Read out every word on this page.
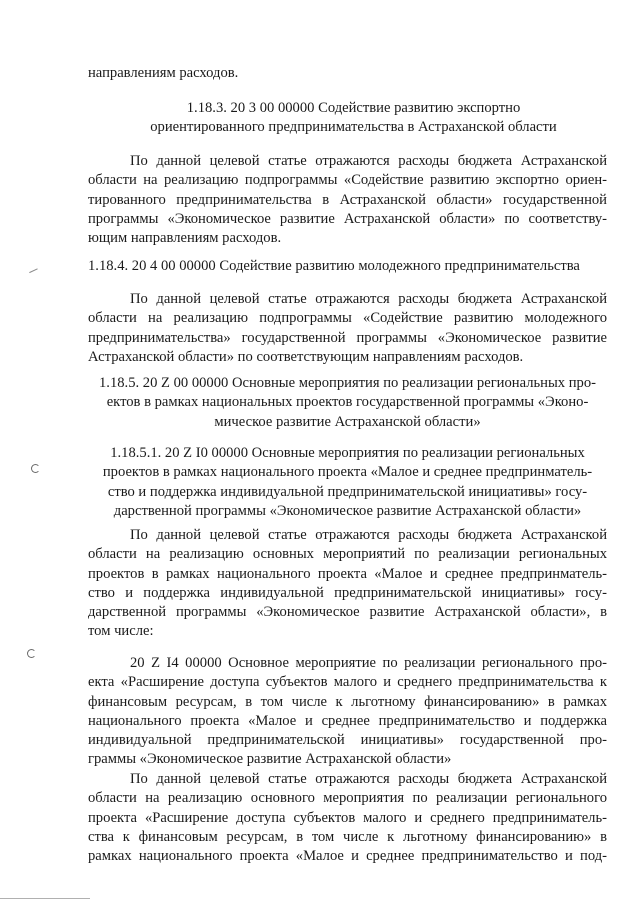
направлениям расходов.

1.18.3. 20 3 00 00000 Содействие развитию экспортно
ориентированного предпринимательства в Астраханской области

По данной целевой статье отражаются расходы бюджета Астраханской
области на реализацию подпрограммы «Содействие развитию экспортно ориен-
тированного предпринимательства в Астраханской области» государственной
программы «Экономическое развитие Астраханской области» по соответству-
ющим направлениям расходов.

1.18.4. 20 4 00 00000 Содействие развитию молодежного предпринимательства

По данной целевой статье отражаются расходы бюджета Астраханской
области на реализацию подпрограммы «Содействие развитию молодежного
предпринимательства» государственной программы «Экономическое развитие
Астраханской области» по соответствующим направлениям расходов.

1.18.5. 20 Z 00 00000 Основные мероприятия по реализации региональных про-
ектов в рамках национальных проектов государственной программы «Эконо-
мическое развитие Астраханской области»

1.18.5.1. 20 Z I0 00000 Основные мероприятия по реализации региональных
проектов в рамках национального проекта «Малое и среднее предпринматель-
ство и поддержка индивидуальной предпринимательской инициативы» госу-
дарственной программы «Экономическое развитие Астраханской области»

По данной целевой статье отражаются расходы бюджета Астраханской
области на реализацию основных мероприятий по реализации региональных
проектов в рамках национального проекта «Малое и среднее предпринматель-
ство и поддержка индивидуальной предпринимательской инициативы» госу-
дарственной программы «Экономическое развитие Астраханской области», в
том числе:

20 Z I4 00000 Основное мероприятие по реализации регионального про-
екта «Расширение доступа субъектов малого и среднего предпринимательства к
финансовым ресурсам, в том числе к льготному финансированию» в рамках
национального проекта «Малое и среднее предпринимательство и поддержка
индивидуальной предпринимательской инициативы» государственной про-
граммы «Экономическое развитие Астраханской области»

По данной целевой статье отражаются расходы бюджета Астраханской
области на реализацию основного мероприятия по реализации регионального
проекта «Расширение доступа субъектов малого и среднего предприниматель-
ства к финансовым ресурсам, в том числе к льготному финансированию» в
рамках национального проекта «Малое и среднее предпринимательство и под-
